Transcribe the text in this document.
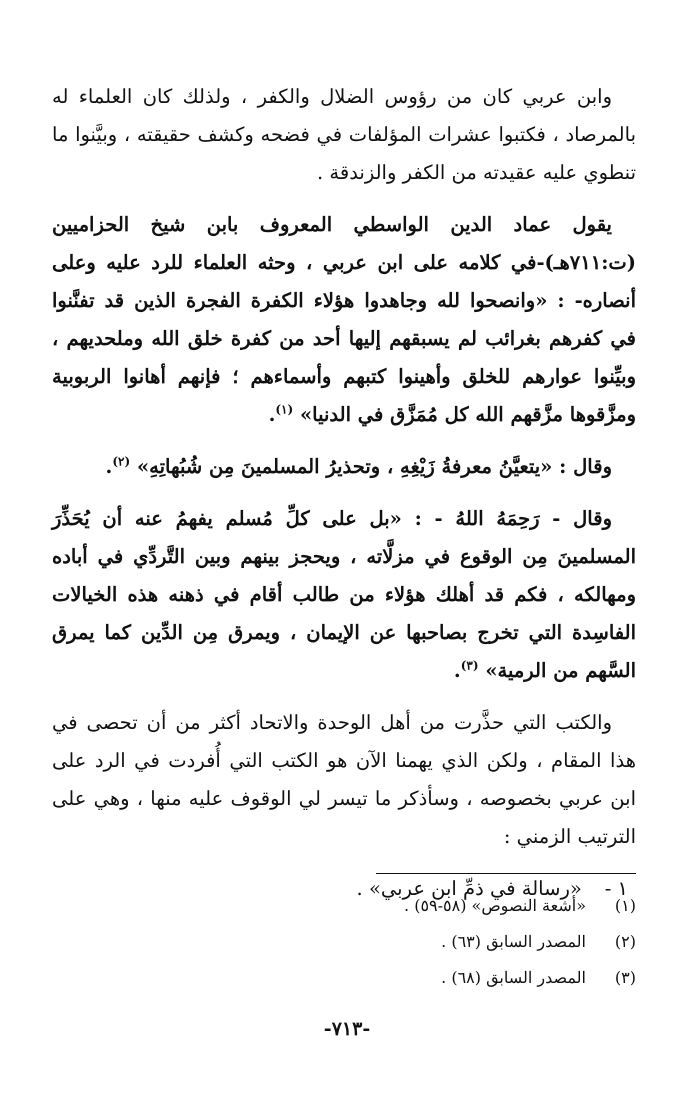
وابن عربي كان من رؤوس الضلال والكفر ، ولذلك كان العلماء له بالمرصاد ، فكتبوا عشرات المؤلفات في فضحه وكشف حقيقته ، وبيَّنوا ما تنطوي عليه عقيدته من الكفر والزندقة .

يقول عماد الدين الواسطي المعروف بابن شيخ الحزاميين (ت:٧١١هـ)-في كلامه على ابن عربي ، وحثه العلماء للرد عليه وعلى أنصاره- : «وانصحوا لله وجاهدوا هؤلاء الكفرة الفجرة الذين قد تفنَّنوا في كفرهم بغرائب لم يسبقهم إليها أحد من كفرة خلق الله وملحديهم ، وبيِّنوا عوارهم للخلق وأهينوا كتبهم وأسماءهم ؛ فإنهم أهانوا الربوبية ومزَّقوها مزَّقهم الله كل مُمَزَّق في الدنيا» $^{(١)}$.

وقال : «يتعيَّنُ معرفةُ زَيْغِهِ ، وتحذيرُ المسلمينَ مِن شُبُهاتِهِ» $^{(٢)}$.

وقال - رَحِمَهُ اللهُ - : «بل على كلِّ مُسلم يفهمُ عنه أن يُحَذِّرَ المسلمينَ مِن الوقوع في مزلَّاته ، ويحجز بينهم وبين التَّردِّي في أباده ومهالكه ، فكم قد أهلك هؤلاء من طالب أقام في ذهنه هذه الخيالات الفاسِدة التي تخرج بصاحبها عن الإيمان ، ويمرق مِن الدِّين كما يمرق السَّهم من الرمية» $^{(٣)}$.

والكتب التي حذَّرت من أهل الوحدة والاتحاد أكثر من أن تحصى في هذا المقام ، ولكن الذي يهمنا الآن هو الكتب التي أُفردت في الرد على ابن عربي بخصوصه ، وسأذكر ما تيسر لي الوقوف عليه منها ، وهي على الترتيب الزمني :

١ - «رسالة في ذمِّ ابن عربي» .
(١)
«أشعة النصوص» (٥٨-٥٩) .
(٢)
المصدر السابق (٦٣) .
(٣)
المصدر السابق (٦٨) .
-٧١٣-
